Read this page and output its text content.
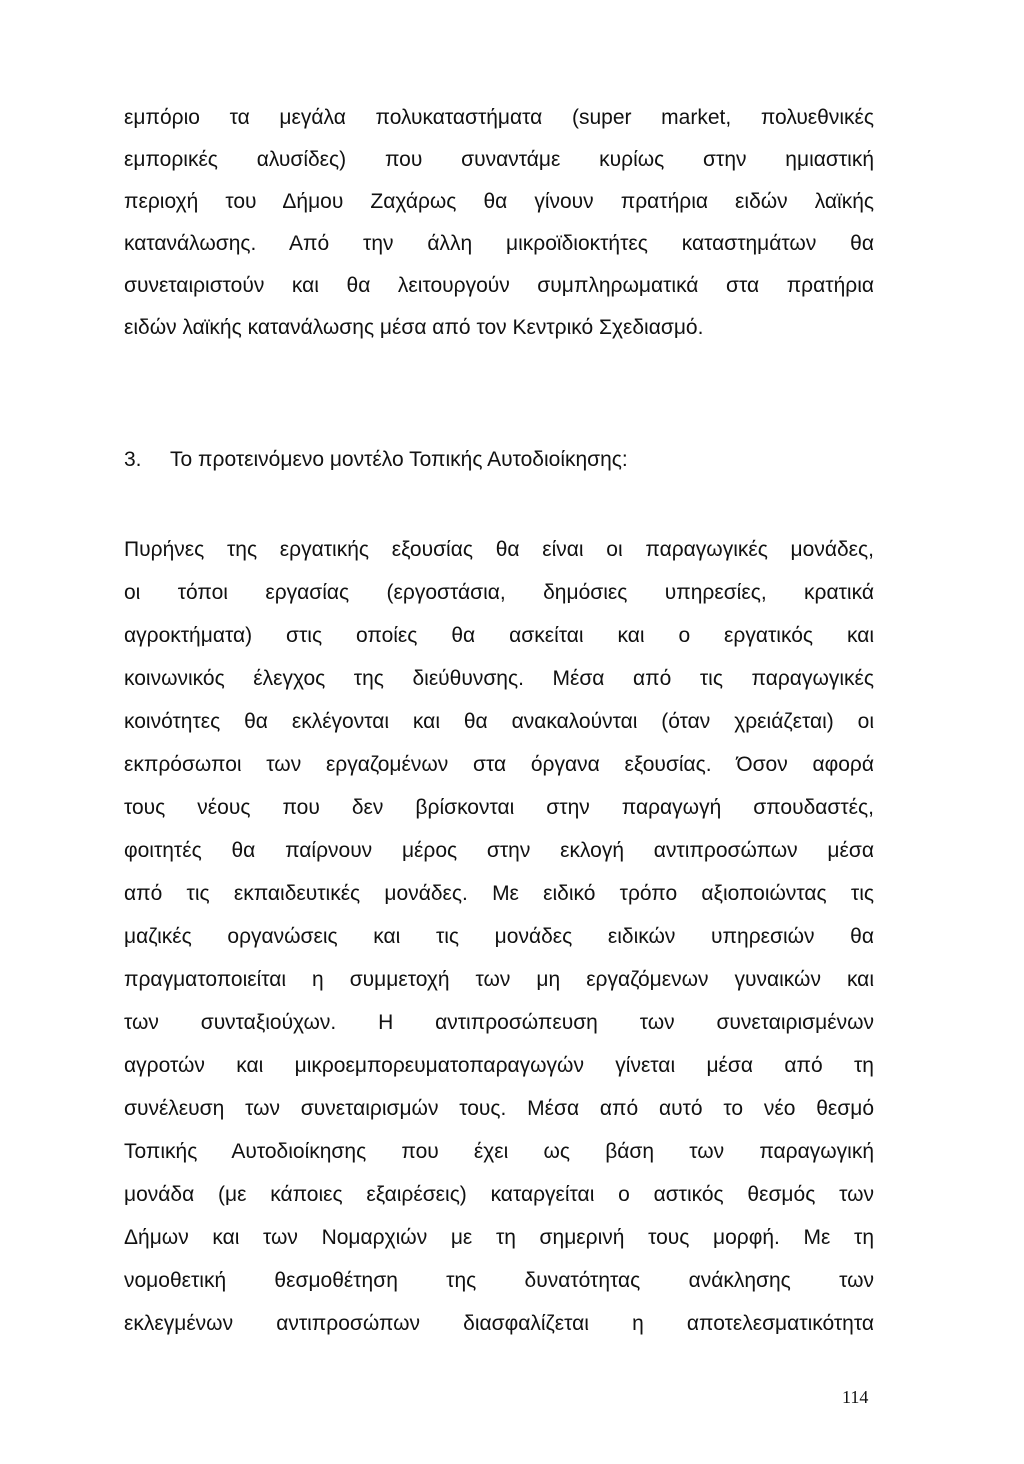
εμπόριο τα μεγάλα πολυκαταστήματα (super market, πολυεθνικές
εμπορικές αλυσίδες) που συναντάμε κυρίως στην ημιαστική
περιοχή του Δήμου Ζαχάρως θα γίνουν πρατήρια ειδών λαϊκής
κατανάλωσης. Από την άλλη μικροϊδιοκτήτες καταστημάτων θα
συνεταιριστούν και θα λειτουργούν συμπληρωματικά στα πρατήρια
ειδών λαϊκής κατανάλωσης μέσα από τον Κεντρικό Σχεδιασμό.
3. Το προτεινόμενο μοντέλο Τοπικής Αυτοδιοίκησης:
Πυρήνες της εργατικής εξουσίας θα είναι οι παραγωγικές μονάδες,
οι τόποι εργασίας (εργοστάσια, δημόσιες υπηρεσίες, κρατικά
αγροκτήματα) στις οποίες θα ασκείται και ο εργατικός και
κοινωνικός έλεγχος της διεύθυνσης. Μέσα από τις παραγωγικές
κοινότητες θα εκλέγονται και θα ανακαλούνται (όταν χρειάζεται) οι
εκπρόσωποι των εργαζομένων στα όργανα εξουσίας. Όσον αφορά
τους νέους που δεν βρίσκονται στην παραγωγή σπουδαστές,
φοιτητές θα παίρνουν μέρος στην εκλογή αντιπροσώπων μέσα
από τις εκπαιδευτικές μονάδες. Με ειδικό τρόπο αξιοποιώντας τις
μαζικές οργανώσεις και τις μονάδες ειδικών υπηρεσιών θα
πραγματοποιείται η συμμετοχή των μη εργαζόμενων γυναικών και
των συνταξιούχων. Η αντιπροσώπευση των συνεταιρισμένων
αγροτών και μικροεμπορευματοπαραγωγών γίνεται μέσα από τη
συνέλευση των συνεταιρισμών τους. Μέσα από αυτό το νέο θεσμό
Τοπικής Αυτοδιοίκησης που έχει ως βάση των παραγωγική
μονάδα (με κάποιες εξαιρέσεις) καταργείται ο αστικός θεσμός των
Δήμων και των Νομαρχιών με τη σημερινή τους μορφή. Με τη
νομοθετική θεσμοθέτηση της δυνατότητας ανάκλησης των
εκλεγμένων αντιπροσώπων διασφαλίζεται η αποτελεσματικότητα
114
